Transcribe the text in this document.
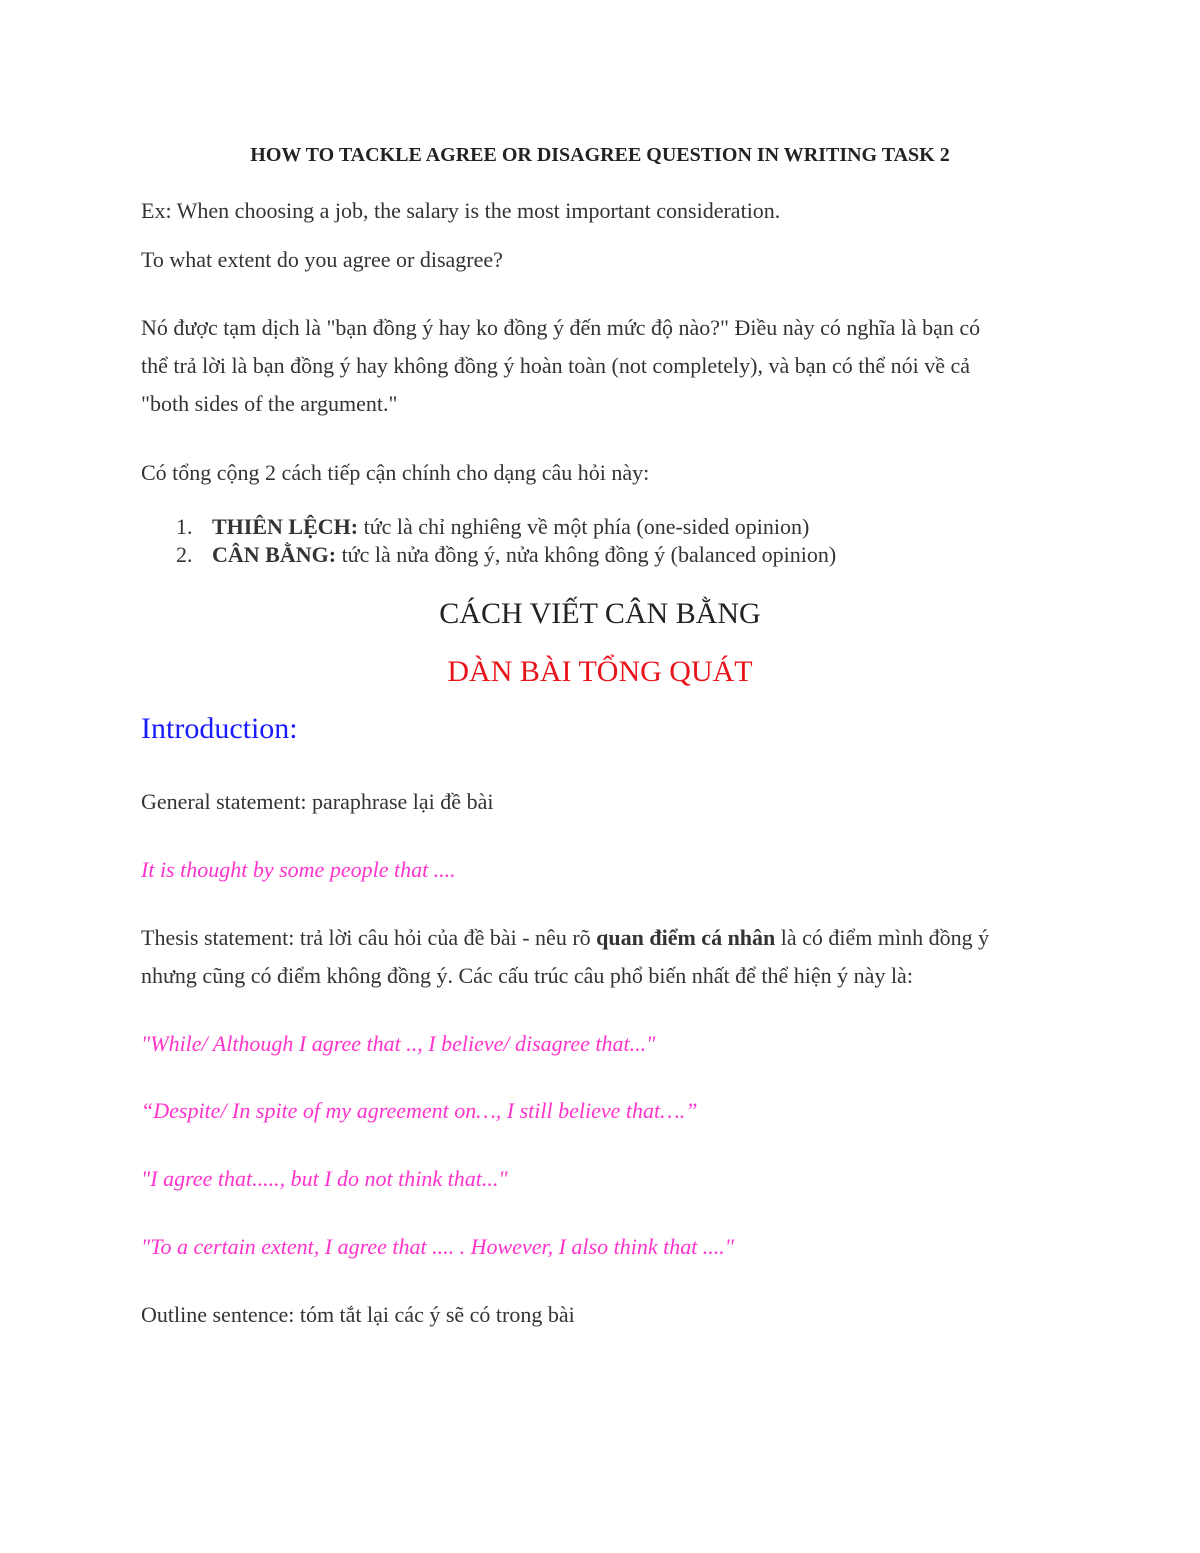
HOW TO TACKLE AGREE OR DISAGREE QUESTION IN WRITING TASK 2
Ex: When choosing a job, the salary is the most important consideration.
To what extent do you agree or disagree?
Nó được tạm dịch là "bạn đồng ý hay ko đồng ý đến mức độ nào?" Điều này có nghĩa là bạn có
thể trả lời là bạn đồng ý hay không đồng ý hoàn toàn (not completely), và bạn có thể nói về cả
"both sides of the argument."
Có tổng cộng 2 cách tiếp cận chính cho dạng câu hỏi này:
1. THIÊN LỆCH: tức là chỉ nghiêng về một phía (one-sided opinion)
2. CÂN BẰNG: tức là nửa đồng ý, nửa không đồng ý (balanced opinion)
CÁCH VIẾT CÂN BẰNG
DÀN BÀI TỔNG QUÁT
Introduction:
General statement: paraphrase lại đề bài
It is thought by some people that ....
Thesis statement: trả lời câu hỏi của đề bài - nêu rõ quan điểm cá nhân là có điểm mình đồng ý
nhưng cũng có điểm không đồng ý. Các cấu trúc câu phổ biến nhất để thể hiện ý này là:
"While/ Although I agree that .., I believe/ disagree that..."
“Despite/ In spite of my agreement on…, I still believe that….”
"I agree that....., but I do not think that..."
"To a certain extent, I agree that .... . However, I also think that ...."
Outline sentence: tóm tắt lại các ý sẽ có trong bài
